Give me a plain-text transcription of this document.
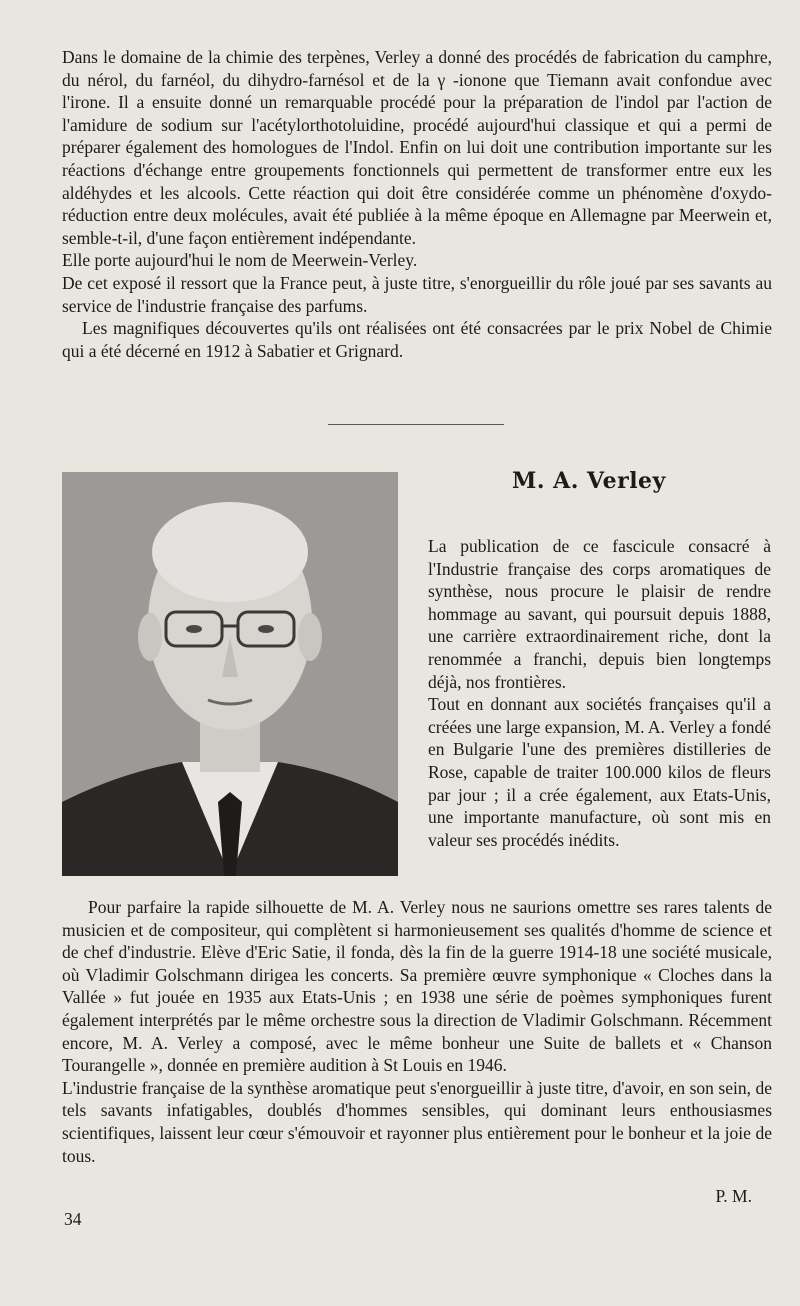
Dans le domaine de la chimie des terpènes, Verley a donné des procédés de fabrication du camphre, du nérol, du farnéol, du dihydro-farnésol et de la γ -ionone que Tiemann avait confondue avec l'irone. Il a ensuite donné un remarquable procédé pour la préparation de l'indol par l'action de l'amidure de sodium sur l'acétylorthotoluidine, procédé aujourd'hui classique et qui a permi de préparer également des homologues de l'Indol. Enfin on lui doit une contribution importante sur les réactions d'échange entre groupements fonctionnels qui permettent de transformer entre eux les aldéhydes et les alcools. Cette réaction qui doit être considérée comme un phénomène d'oxydo-réduction entre deux molécules, avait été publiée à la même époque en Allemagne par Meerwein et, semble-t-il, d'une façon entièrement indépendante.

Elle porte aujourd'hui le nom de Meerwein-Verley.

De cet exposé il ressort que la France peut, à juste titre, s'enorgueillir du rôle joué par ses savants au service de l'industrie française des parfums.

Les magnifiques découvertes qu'ils ont réalisées ont été consacrées par le prix Nobel de Chimie qui a été décerné en 1912 à Sabatier et Grignard.

M. A. Verley

La publication de ce fascicule consacré à l'Industrie française des corps aromatiques de synthèse, nous procure le plaisir de rendre hommage au savant, qui poursuit depuis 1888, une carrière extraordinairement riche, dont la renommée a franchi, depuis bien longtemps déjà, nos frontières.

Tout en donnant aux sociétés françaises qu'il a créées une large expansion, M. A. Verley a fondé en Bulgarie l'une des premières distilleries de Rose, capable de traiter 100.000 kilos de fleurs par jour ; il a crée également, aux Etats-Unis, une importante manufacture, où sont mis en valeur ses procédés inédits.

Pour parfaire la rapide silhouette de M. A. Verley nous ne saurions omettre ses rares talents de musicien et de compositeur, qui complètent si harmonieusement ses qualités d'homme de science et de chef d'industrie. Elève d'Eric Satie, il fonda, dès la fin de la guerre 1914-18 une société musicale, où Vladimir Golschmann dirigea les concerts. Sa première œuvre symphonique « Cloches dans la Vallée » fut jouée en 1935 aux Etats-Unis ; en 1938 une série de poèmes symphoniques furent également interprétés par le même orchestre sous la direction de Vladimir Golschmann. Récemment encore, M. A. Verley a composé, avec le même bonheur une Suite de ballets et « Chanson Tourangelle », donnée en première audition à St Louis en 1946.

L'industrie française de la synthèse aromatique peut s'enorgueillir à juste titre, d'avoir, en son sein, de tels savants infatigables, doublés d'hommes sensibles, qui dominant leurs enthousiasmes scientifiques, laissent leur cœur s'émouvoir et rayonner plus entièrement pour le bonheur et la joie de tous.

P. M.
34
